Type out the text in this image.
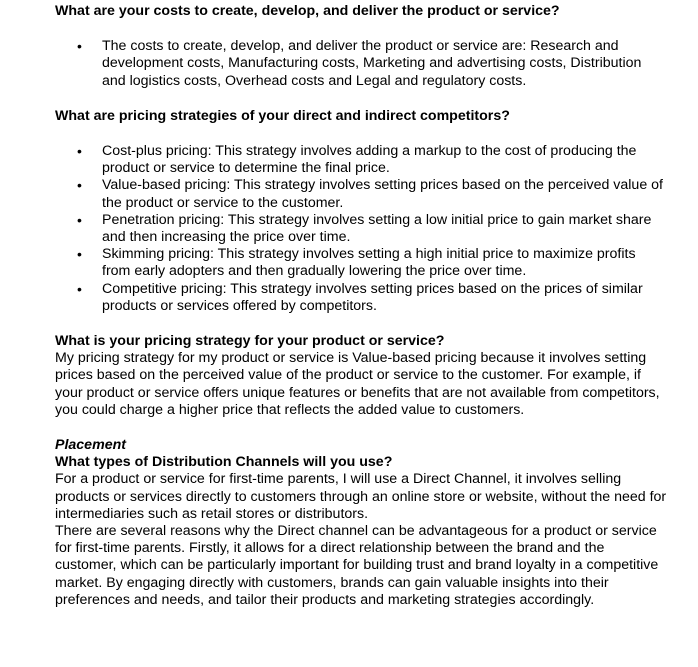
What are your costs to create, develop, and deliver the product or service?

• The costs to create, develop, and deliver the product or service are: Research and development costs, Manufacturing costs, Marketing and advertising costs, Distribution and logistics costs, Overhead costs and Legal and regulatory costs.

What are pricing strategies of your direct and indirect competitors?

• Cost-plus pricing: This strategy involves adding a markup to the cost of producing the product or service to determine the final price.
• Value-based pricing: This strategy involves setting prices based on the perceived value of the product or service to the customer.
• Penetration pricing: This strategy involves setting a low initial price to gain market share and then increasing the price over time.
• Skimming pricing: This strategy involves setting a high initial price to maximize profits from early adopters and then gradually lowering the price over time.
• Competitive pricing: This strategy involves setting prices based on the prices of similar products or services offered by competitors.

What is your pricing strategy for your product or service?

My pricing strategy for my product or service is Value-based pricing because it involves setting prices based on the perceived value of the product or service to the customer. For example, if your product or service offers unique features or benefits that are not available from competitors, you could charge a higher price that reflects the added value to customers.

Placement

What types of Distribution Channels will you use?

For a product or service for first-time parents, I will use a Direct Channel, it involves selling products or services directly to customers through an online store or website, without the need for intermediaries such as retail stores or distributors.

There are several reasons why the Direct channel can be advantageous for a product or service for first-time parents. Firstly, it allows for a direct relationship between the brand and the customer, which can be particularly important for building trust and brand loyalty in a competitive market. By engaging directly with customers, brands can gain valuable insights into their preferences and needs, and tailor their products and marketing strategies accordingly.
